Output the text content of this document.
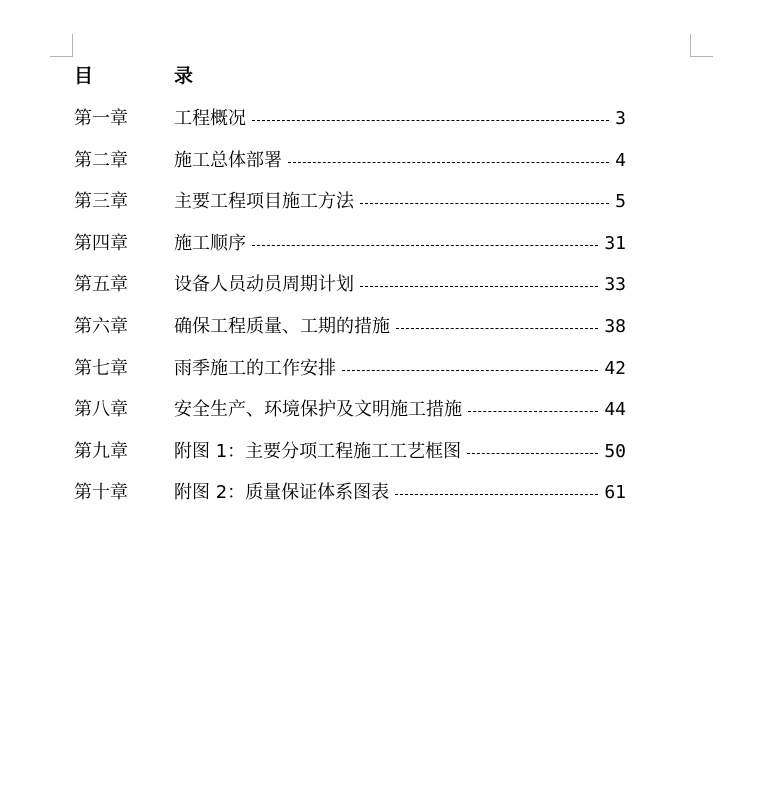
目	录
第一章	工程概况	3
第二章	施工总体部署	4
第三章	主要工程项目施工方法	5
第四章	施工顺序	31
第五章	设备人员动员周期计划	33
第六章	确保工程质量、工期的措施	38
第七章	雨季施工的工作安排	42
第八章	安全生产、环境保护及文明施工措施	44
第九章	附图 1：主要分项工程施工工艺框图	50
第十章	附图 2：质量保证体系图表	61
